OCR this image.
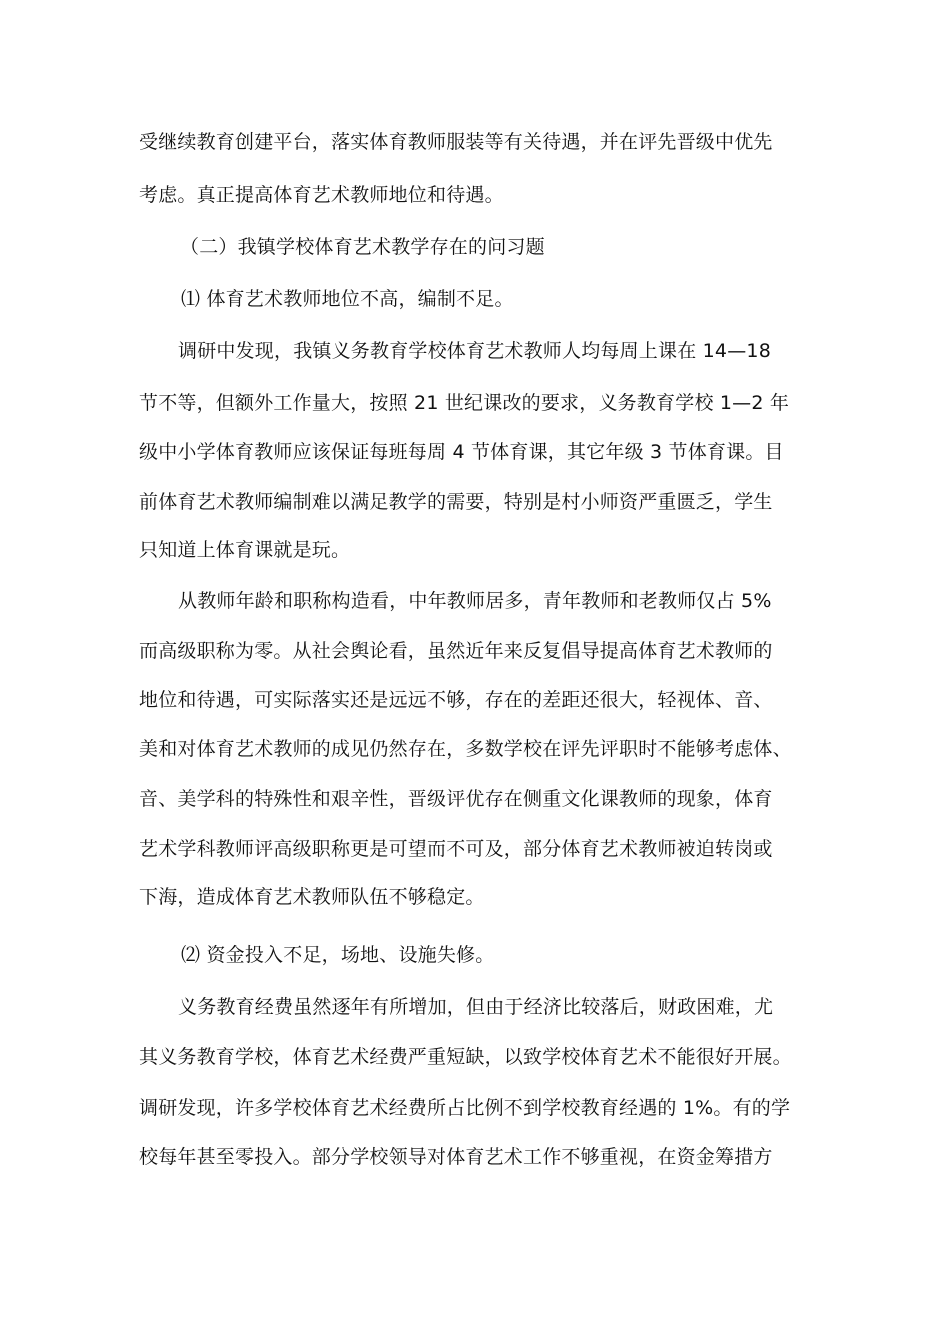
受继续教育创建平台，落实体育教师服装等有关待遇，并在评先晋级中优先
考虑。真正提高体育艺术教师地位和待遇。
（二）我镇学校体育艺术教学存在的问习题
⑴ 体育艺术教师地位不高，编制不足。
调研中发现，我镇义务教育学校体育艺术教师人均每周上课在 14—18
节不等，但额外工作量大，按照 21 世纪课改的要求，义务教育学校 1—2 年
级中小学体育教师应该保证每班每周 4 节体育课，其它年级 3 节体育课。目
前体育艺术教师编制难以满足教学的需要，特别是村小师资严重匮乏，学生
只知道上体育课就是玩。
从教师年龄和职称构造看，中年教师居多，青年教师和老教师仅占 5%
而高级职称为零。从社会舆论看，虽然近年来反复倡导提高体育艺术教师的
地位和待遇，可实际落实还是远远不够，存在的差距还很大，轻视体、音、
美和对体育艺术教师的成见仍然存在，多数学校在评先评职时不能够考虑体、
音、美学科的特殊性和艰辛性，晋级评优存在侧重文化课教师的现象，体育
艺术学科教师评高级职称更是可望而不可及，部分体育艺术教师被迫转岗或
下海，造成体育艺术教师队伍不够稳定。
⑵ 资金投入不足，场地、设施失修。
义务教育经费虽然逐年有所增加，但由于经济比较落后，财政困难，尤
其义务教育学校，体育艺术经费严重短缺，以致学校体育艺术不能很好开展。
调研发现，许多学校体育艺术经费所占比例不到学校教育经遇的 1%。有的学
校每年甚至零投入。部分学校领导对体育艺术工作不够重视，在资金筹措方
